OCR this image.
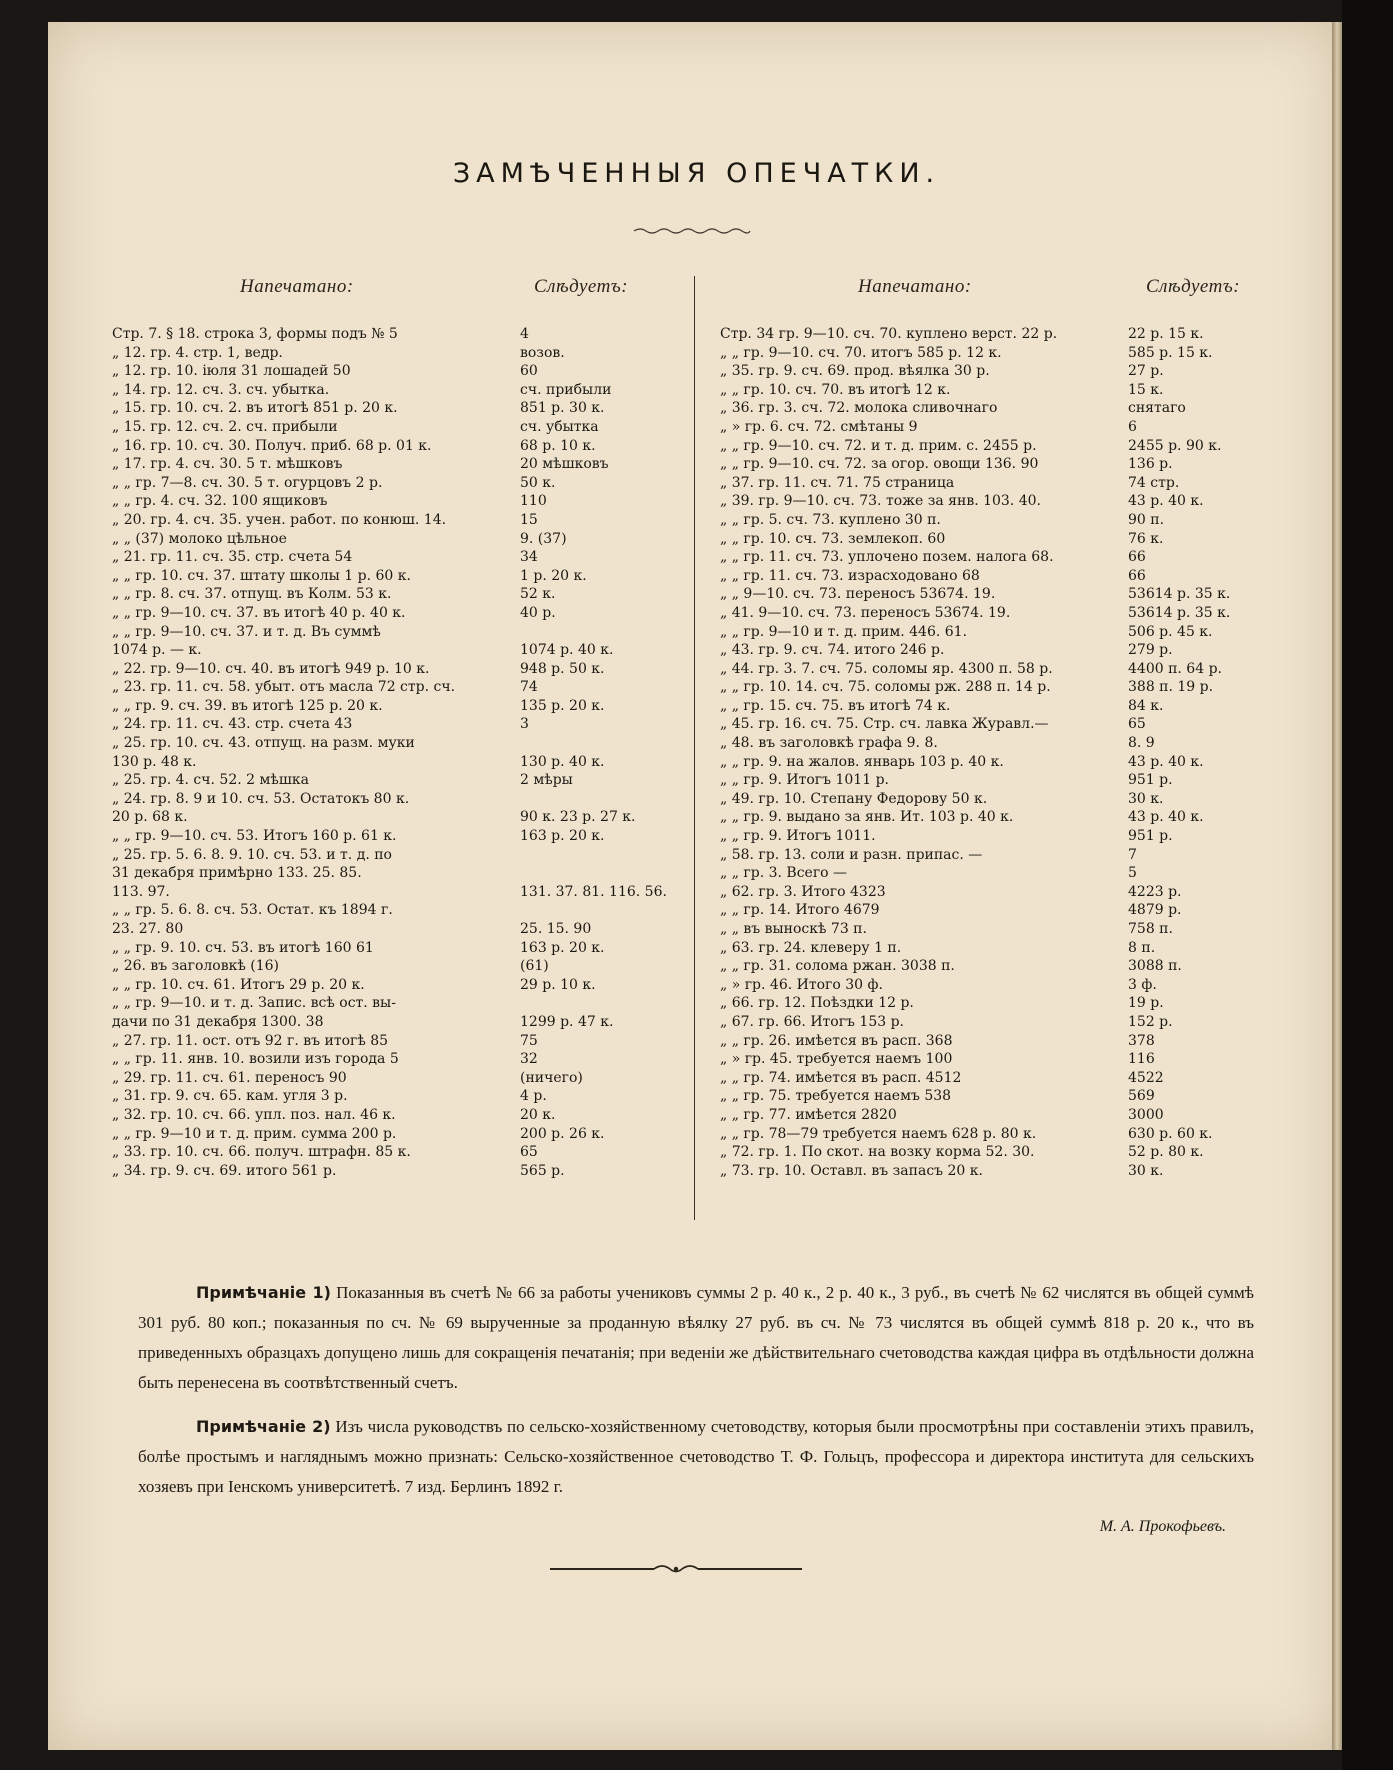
ЗАМѢЧЕННЫЯ ОПЕЧАТКИ.
Напечатано:	Слѣдуетъ:	Напечатано:	Слѣдуетъ:
Стр. 7. § 18. строка 3, формы подъ № 5	4
„ 12. гр. 4. стр. 1, ведр.	возов.
„ 12. гр. 10. іюля 31 лошадей 50	60
„ 14. гр. 12. сч. 3. сч. убытка.	сч. прибыли
„ 15. гр. 10. сч. 2. въ итогѣ 851 р. 20 к.	851 р. 30 к.
„ 15. гр. 12. сч. 2. сч. прибыли	сч. убытка
„ 16. гр. 10. сч. 30. Получ. приб. 68 р. 01 к.	68 р. 10 к.
„ 17. гр. 4. сч. 30. 5 т. мѣшковъ	20 мѣшковъ
„ „ гр. 7—8. сч. 30. 5 т. огурцовъ 2 р.	50 к.
„ „ гр. 4. сч. 32. 100 ящиковъ	110
„ 20. гр. 4. сч. 35. учен. работ. по конюш. 14.	15
„ „ (37) молоко цѣльное	9. (37)
„ 21. гр. 11. сч. 35. стр. счета 54	34
„ „ гр. 10. сч. 37. штату школы 1 р. 60 к.	1 р. 20 к.
„ „ гр. 8. сч. 37. отпущ. въ Колм. 53 к.	52 к.
„ „ гр. 9—10. сч. 37. въ итогѣ 40 р. 40 к.	40 р.
„ „ гр. 9—10. сч. 37. и т. д. Въ суммѣ
1074 р. — к.	1074 р. 40 к.
„ 22. гр. 9—10. сч. 40. въ итогѣ 949 р. 10 к.	948 р. 50 к.
„ 23. гр. 11. сч. 58. убыт. отъ масла 72 стр. сч.	74
„ „ гр. 9. сч. 39. въ итогѣ 125 р. 20 к.	135 р. 20 к.
„ 24. гр. 11. сч. 43. стр. счета 43	3
„ 25. гр. 10. сч. 43. отпущ. на разм. муки
130 р. 48 к.	130 р. 40 к.
„ 25. гр. 4. сч. 52. 2 мѣшка	2 мѣры
„ 24. гр. 8. 9 и 10. сч. 53. Остатокъ 80 к.
20 р. 68 к.	90 к. 23 р. 27 к.
„ „ гр. 9—10. сч. 53. Итогъ 160 р. 61 к.	163 р. 20 к.
„ 25. гр. 5. 6. 8. 9. 10. сч. 53. и т. д. по
31 декабря примѣрно 133. 25. 85.
113. 97.	131. 37. 81. 116. 56.
„ „ гр. 5. 6. 8. сч. 53. Остат. къ 1894 г.
23. 27. 80	25. 15. 90
„ „ гр. 9. 10. сч. 53. въ итогѣ 160 61	163 р. 20 к.
„ 26. въ заголовкѣ (16)	(61)
„ „ гр. 10. сч. 61. Итогъ 29 р. 20 к.	29 р. 10 к.
„ „ гр. 9—10. и т. д. Запис. всѣ ост. вы-
дачи по 31 декабря 1300. 38	1299 р. 47 к.
„ 27. гр. 11. ост. отъ 92 г. въ итогѣ 85	75
„ „ гр. 11. янв. 10. возили изъ города 5	32
„ 29. гр. 11. сч. 61. переносъ 90	(ничего)
„ 31. гр. 9. сч. 65. кам. угля 3 р.	4 р.
„ 32. гр. 10. сч. 66. упл. поз. нал. 46 к.	20 к.
„ „ гр. 9—10 и т. д. прим. сумма 200 р.	200 р. 26 к.
„ 33. гр. 10. сч. 66. получ. штрафн. 85 к.	65
„ 34. гр. 9. сч. 69. итого 561 р.	565 р.
Стр. 34 гр. 9—10. сч. 70. куплено верст. 22 р.	22 р. 15 к.
„ „ гр. 9—10. сч. 70. итогъ 585 р. 12 к.	585 р. 15 к.
„ 35. гр. 9. сч. 69. прод. вѣялка 30 р.	27 р.
„ „ гр. 10. сч. 70. въ итогѣ 12 к.	15 к.
„ 36. гр. 3. сч. 72. молока сливочнаго	снятаго
„ » гр. 6. сч. 72. смѣтаны 9	6
„ „ гр. 9—10. сч. 72. и т. д. прим. с. 2455 р.	2455 р. 90 к.
„ „ гр. 9—10. сч. 72. за огор. овощи 136. 90	136 р.
„ 37. гр. 11. сч. 71. 75 страница	74 стр.
„ 39. гр. 9—10. сч. 73. тоже за янв. 103. 40.	43 р. 40 к.
„ „ гр. 5. сч. 73. куплено 30 п.	90 п.
„ „ гр. 10. сч. 73. землекоп. 60	76 к.
„ „ гр. 11. сч. 73. уплочено позем. налога 68.	66
„ „ гр. 11. сч. 73. израсходовано 68	66
„ „ 9—10. сч. 73. переносъ 53674. 19.	53614 р. 35 к.
„ 41. 9—10. сч. 73. переносъ 53674. 19.	53614 р. 35 к.
„ „ гр. 9—10 и т. д. прим. 446. 61.	506 р. 45 к.
„ 43. гр. 9. сч. 74. итого 246 р.	279 р.
„ 44. гр. 3. 7. сч. 75. соломы яр. 4300 п. 58 р.	4400 п. 64 р.
„ „ гр. 10. 14. сч. 75. соломы рж. 288 п. 14 р.	388 п. 19 р.
„ „ гр. 15. сч. 75. въ итогѣ 74 к.	84 к.
„ 45. гр. 16. сч. 75. Стр. сч. лавка Журавл.—	65
„ 48. въ заголовкѣ графа 9. 8.	8. 9
„ „ гр. 9. на жалов. январь 103 р. 40 к.	43 р. 40 к.
„ „ гр. 9. Итогъ 1011 р.	951 р.
„ 49. гр. 10. Степану Федорову 50 к.	30 к.
„ „ гр. 9. выдано за янв. Ит. 103 р. 40 к.	43 р. 40 к.
„ „ гр. 9. Итогъ 1011.	951 р.
„ 58. гр. 13. соли и разн. припас. —	7
„ „ гр. 3. Всего —	5
„ 62. гр. 3. Итого 4323	4223 р.
„ „ гр. 14. Итого 4679	4879 р.
„ „ въ выноскѣ 73 п.	758 п.
„ 63. гр. 24. клеверу 1 п.	8 п.
„ „ гр. 31. солома ржан. 3038 п.	3088 п.
„ » гр. 46. Итого 30 ф.	3 ф.
„ 66. гр. 12. Поѣздки 12 р.	19 р.
„ 67. гр. 66. Итогъ 153 р.	152 р.
„ „ гр. 26. имѣется въ расп. 368	378
„ » гр. 45. требуется наемъ 100	116
„ „ гр. 74. имѣется въ расп. 4512	4522
„ „ гр. 75. требуется наемъ 538	569
„ „ гр. 77. имѣется 2820	3000
„ „ гр. 78—79 требуется наемъ 628 р. 80 к.	630 р. 60 к.
„ 72. гр. 1. По скот. на возку корма 52. 30.	52 р. 80 к.
„ 73. гр. 10. Оставл. въ запасъ 20 к.	30 к.

Примѣчаніе 1) Показанныя въ счетѣ № 66 за работы учениковъ суммы 2 р. 40 к., 2 р. 40 к., 3 руб., въ счетѣ № 62 числятся въ общей суммѣ 301 руб. 80 коп.; показанныя по сч. № 69 вырученные за проданную вѣялку 27 руб. въ сч. № 73 числятся въ общей суммѣ 818 р. 20 к., что въ приведенныхъ образцахъ допущено лишь для сокращенія печатанія; при веденіи же дѣйствительнаго счетоводства каждая цифра въ отдѣльности должна быть перенесена въ соотвѣтственный счетъ.

Примѣчаніе 2) Изъ числа руководствъ по сельско-хозяйственному счетоводству, которыя были просмотрѣны при составленіи этихъ правилъ, болѣе простымъ и нагляднымъ можно признать: Сельско-хозяйственное счетоводство Т. Ф. Гольцъ, профессора и директора института для сельскихъ хозяевъ при Іенскомъ университетѣ. 7 изд. Берлинъ 1892 г.

М. А. Прокофьевъ.
